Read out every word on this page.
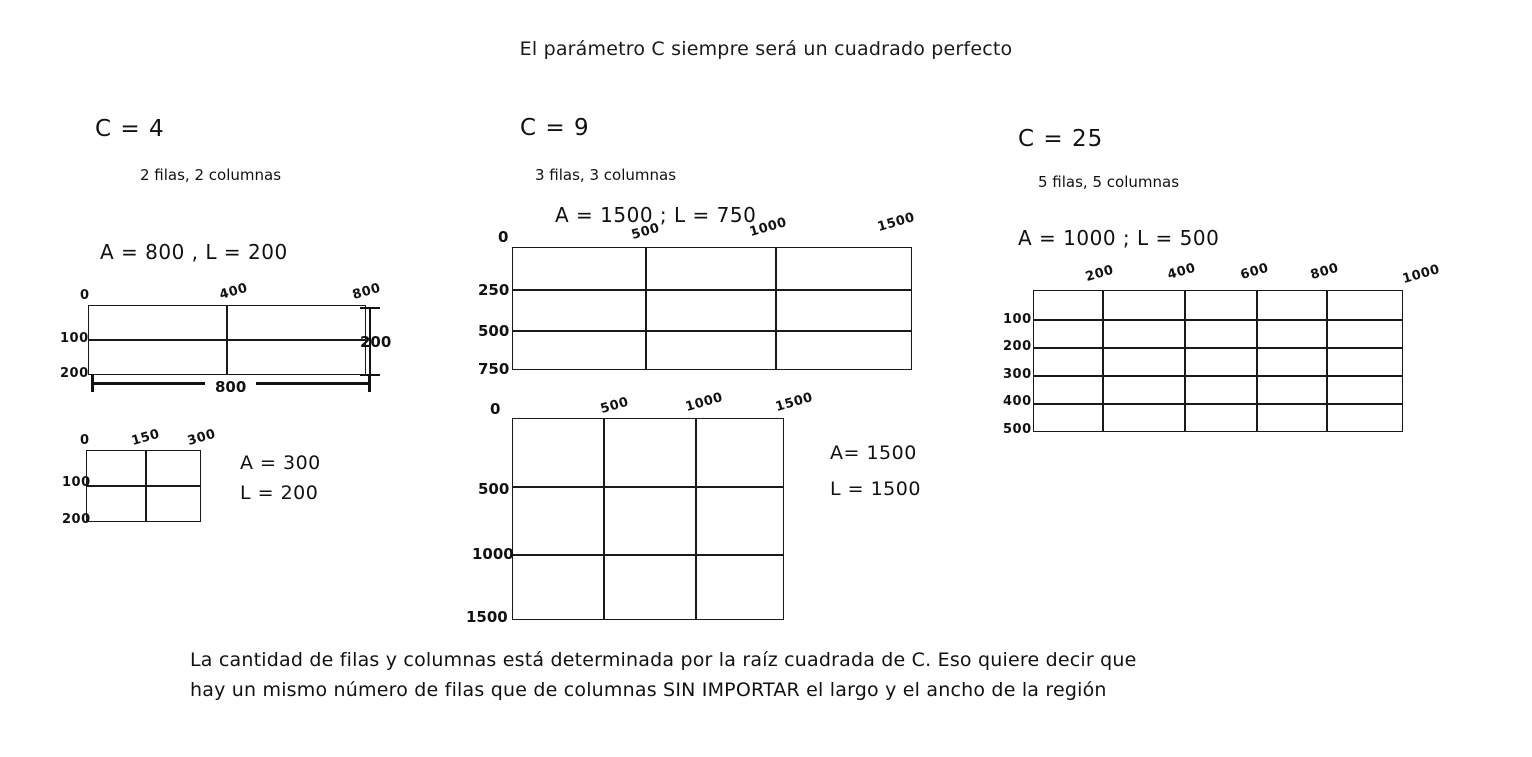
El parámetro C siempre será un cuadrado perfecto
C = 4
2 filas, 2 columnas
A = 800 , L = 200
0	400	800
100
200
200
800
0	150 300
100
200
A = 300
L = 200
C = 9
3 filas, 3 columnas
A = 1500 ; L = 750
0	500	1000	1500
250
500
750
0	500	1000	1500
500
1000
1500
A= 1500
L = 1500
C = 25
5 filas, 5 columnas
A = 1000 ; L = 500
200	400	600	800	1000
100
200
300
400
500
La cantidad de filas y columnas está determinada por la raíz cuadrada de C. Eso quiere decir que
hay un mismo número de filas que de columnas SIN IMPORTAR el largo y el ancho de la región
